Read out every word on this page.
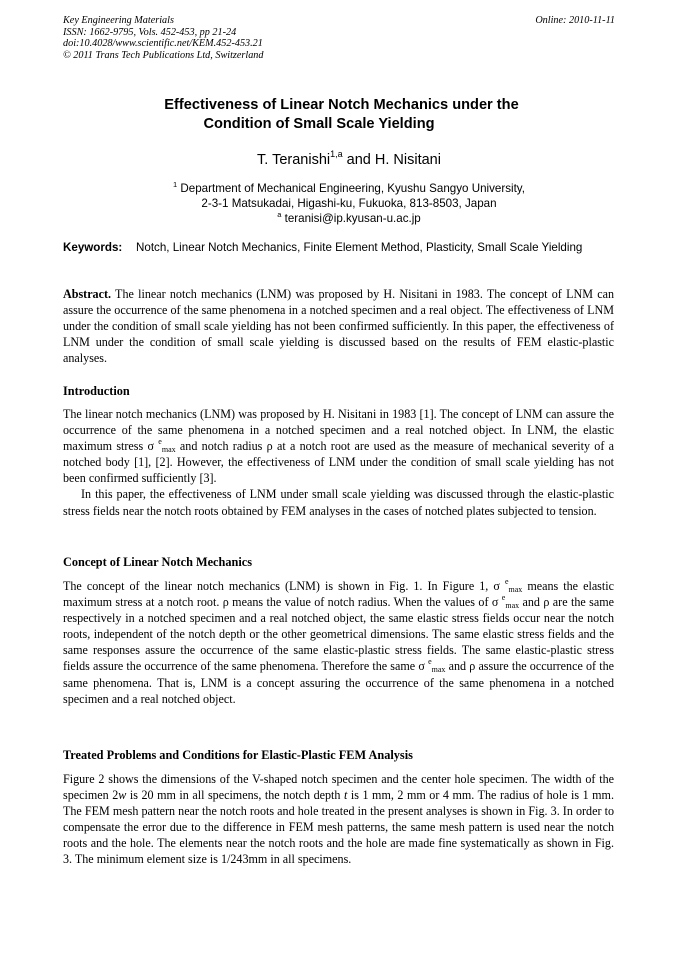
Key Engineering Materials
ISSN: 1662-9795, Vols. 452-453, pp 21-24
doi:10.4028/www.scientific.net/KEM.452-453.21
© 2011 Trans Tech Publications Ltd, Switzerland
Online: 2010-11-11
Effectiveness of Linear Notch Mechanics under the
Condition of Small Scale Yielding
T. Teranishi$^{1,a}$ and H. Nisitani
$^1$ Department of Mechanical Engineering, Kyushu Sangyo University,
2-3-1 Matsukadai, Higashi-ku, Fukuoka, 813-8503, Japan
$^a$ teranisi@ip.kyusan-u.ac.jp
Keywords: Notch, Linear Notch Mechanics, Finite Element Method, Plasticity, Small Scale Yielding

Abstract. The linear notch mechanics (LNM) was proposed by H. Nisitani in 1983. The concept of LNM can assure the occurrence of the same phenomena in a notched specimen and a real object. The effectiveness of LNM under the condition of small scale yielding has not been confirmed sufficiently. In this paper, the effectiveness of LNM under the condition of small scale yielding is discussed based on the results of FEM elastic-plastic analyses.

Introduction

The linear notch mechanics (LNM) was proposed by H. Nisitani in 1983 [1]. The concept of LNM can assure the occurrence of the same phenomena in a notched specimen and a real notched object. In LNM, the elastic maximum stress σ $^e_{max}$ and notch radius ρ at a notch root are used as the measure of mechanical severity of a notched body [1], [2]. However, the effectiveness of LNM under the condition of small scale yielding has not been confirmed sufficiently [3].

In this paper, the effectiveness of LNM under small scale yielding was discussed through the elastic-plastic stress fields near the notch roots obtained by FEM analyses in the cases of notched plates subjected to tension.

Concept of Linear Notch Mechanics

The concept of the linear notch mechanics (LNM) is shown in Fig. 1. In Figure 1, σ $^e_{max}$ means the elastic maximum stress at a notch root. ρ means the value of notch radius. When the values of σ $^e_{max}$ and ρ are the same respectively in a notched specimen and a real notched object, the same elastic stress fields occur near the notch roots, independent of the notch depth or the other geometrical dimensions. The same elastic stress fields and the same responses assure the occurrence of the same elastic-plastic stress fields. The same elastic-plastic stress fields assure the occurrence of the same phenomena. Therefore the same σ $^e_{max}$ and ρ assure the occurrence of the same phenomena. That is, LNM is a concept assuring the occurrence of the same phenomena in a notched specimen and a real notched object.

Treated Problems and Conditions for Elastic-Plastic FEM Analysis

Figure 2 shows the dimensions of the V-shaped notch specimen and the center hole specimen. The width of the specimen 2w is 20 mm in all specimens, the notch depth t is 1 mm, 2 mm or 4 mm. The radius of hole is 1 mm. The FEM mesh pattern near the notch roots and hole treated in the present analyses is shown in Fig. 3. In order to compensate the error due to the difference in FEM mesh patterns, the same mesh pattern is used near the notch roots and the hole. The elements near the notch roots and the hole are made fine systematically as shown in Fig. 3. The minimum element size is 1/243mm in all specimens.
